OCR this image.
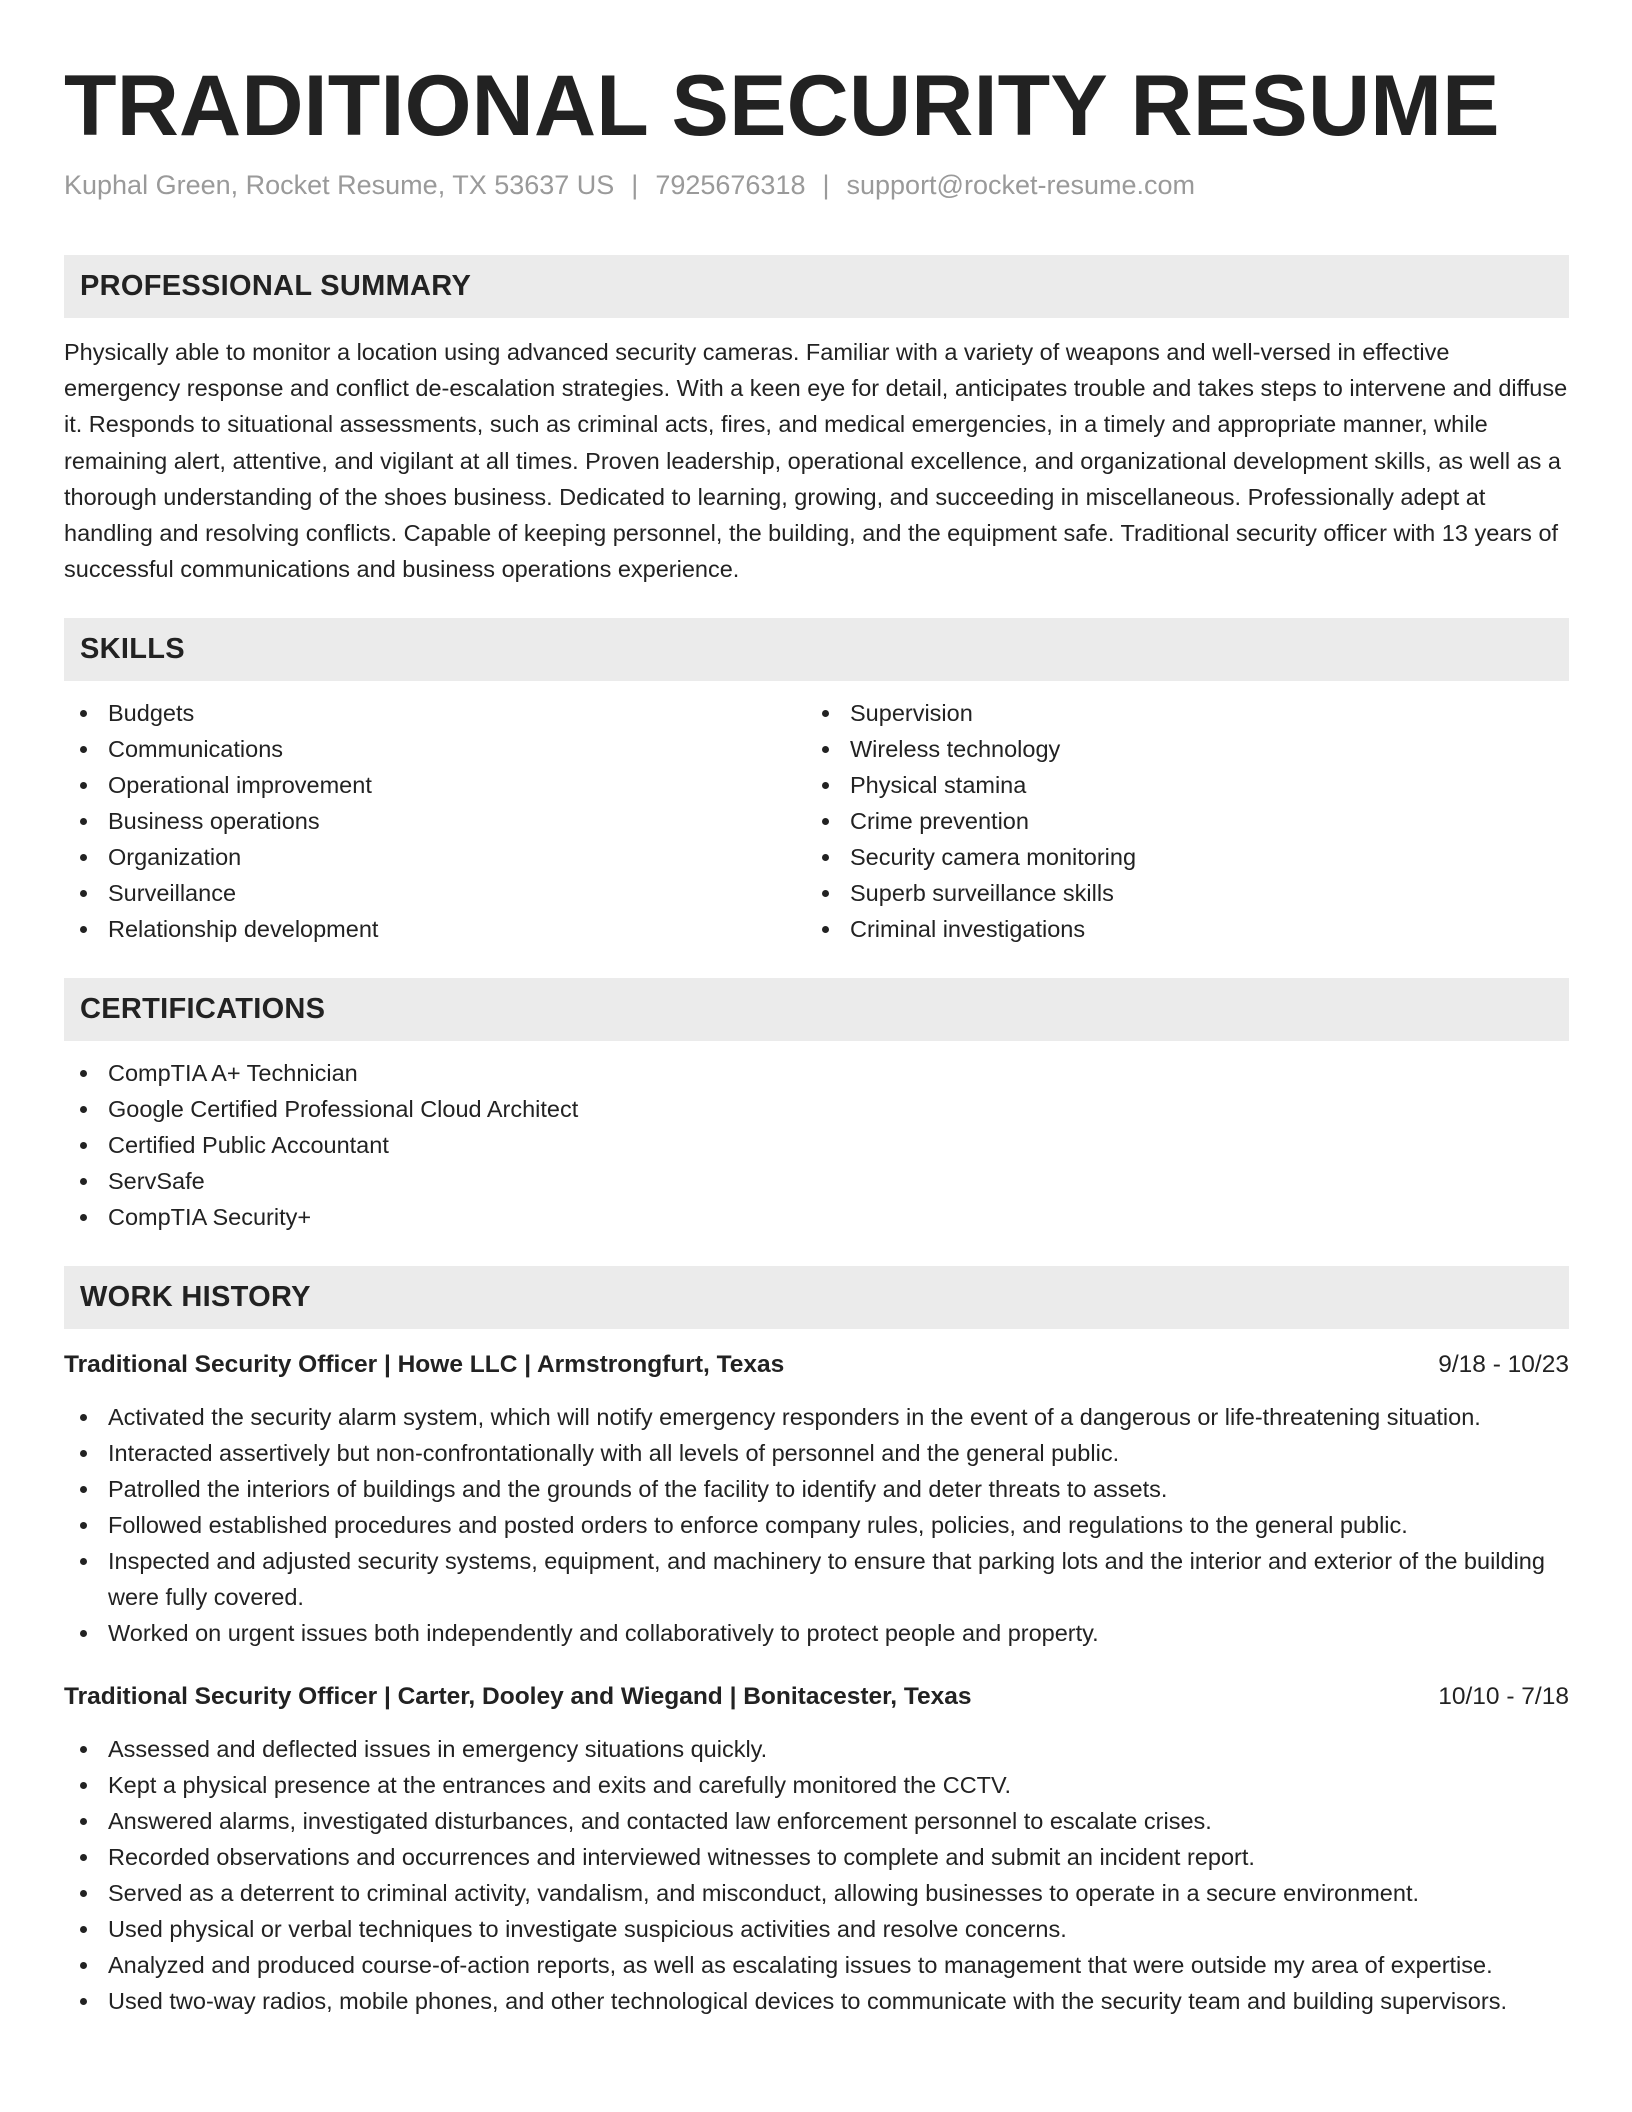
TRADITIONAL SECURITY RESUME
Kuphal Green, Rocket Resume, TX 53637 US | 7925676318 | support@rocket-resume.com
PROFESSIONAL SUMMARY

Physically able to monitor a location using advanced security cameras. Familiar with a variety of weapons and well-versed in effective emergency response and conflict de-escalation strategies. With a keen eye for detail, anticipates trouble and takes steps to intervene and diffuse it. Responds to situational assessments, such as criminal acts, fires, and medical emergencies, in a timely and appropriate manner, while remaining alert, attentive, and vigilant at all times. Proven leadership, operational excellence, and organizational development skills, as well as a thorough understanding of the shoes business. Dedicated to learning, growing, and succeeding in miscellaneous. Professionally adept at handling and resolving conflicts. Capable of keeping personnel, the building, and the equipment safe. Traditional security officer with 13 years of successful communications and business operations experience.

SKILLS
Budgets
Communications
Operational improvement
Business operations
Organization
Surveillance
Relationship development
Supervision
Wireless technology
Physical stamina
Crime prevention
Security camera monitoring
Superb surveillance skills
Criminal investigations
CERTIFICATIONS
CompTIA A+ Technician
Google Certified Professional Cloud Architect
Certified Public Accountant
ServSafe
CompTIA Security+
WORK HISTORY
Traditional Security Officer | Howe LLC | Armstrongfurt, Texas	9/18 - 10/23
Activated the security alarm system, which will notify emergency responders in the event of a dangerous or life-threatening situation.
Interacted assertively but non-confrontationally with all levels of personnel and the general public.
Patrolled the interiors of buildings and the grounds of the facility to identify and deter threats to assets.
Followed established procedures and posted orders to enforce company rules, policies, and regulations to the general public.
Inspected and adjusted security systems, equipment, and machinery to ensure that parking lots and the interior and exterior of the building were fully covered.
Worked on urgent issues both independently and collaboratively to protect people and property.
Traditional Security Officer | Carter, Dooley and Wiegand | Bonitacester, Texas	10/10 - 7/18
Assessed and deflected issues in emergency situations quickly.
Kept a physical presence at the entrances and exits and carefully monitored the CCTV.
Answered alarms, investigated disturbances, and contacted law enforcement personnel to escalate crises.
Recorded observations and occurrences and interviewed witnesses to complete and submit an incident report.
Served as a deterrent to criminal activity, vandalism, and misconduct, allowing businesses to operate in a secure environment.
Used physical or verbal techniques to investigate suspicious activities and resolve concerns.
Analyzed and produced course-of-action reports, as well as escalating issues to management that were outside my area of expertise.
Used two-way radios, mobile phones, and other technological devices to communicate with the security team and building supervisors.
